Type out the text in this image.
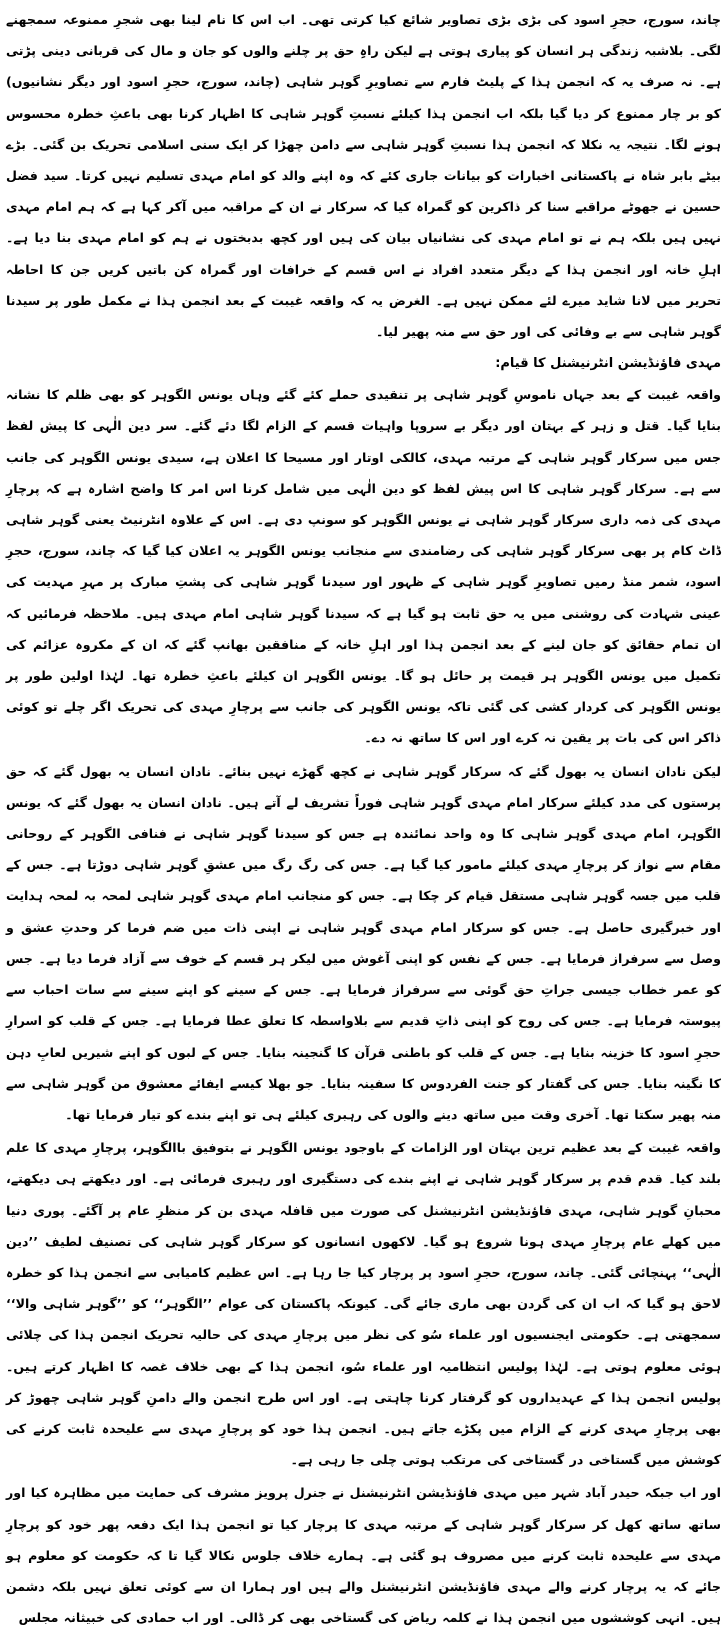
چاند، سورج، حجرِ اسود کی بڑی بڑی تصاویر شائع کیا کرتی تھی۔ اب اس کا نام لینا بھی شجرِ ممنوعہ سمجھنے لگی۔ بلاشبہ زندگی ہر انسان کو پیاری ہوتی ہے لیکن راہِ حق پر چلنے والوں کو جان و مال کی قربانی دینی پڑتی ہے۔ نہ صرف یہ کہ انجمن ہذا کے پلیٹ فارم سے تصاویرِ گوہر شاہی (چاند، سورج، حجرِ اسود اور دیگر نشانیوں) کو بر چار ممنوع کر دیا گیا بلکہ اب انجمن ہذا کیلئے نسبتِ گوہر شاہی کا اظہار کرنا بھی باعثِ خطرہ محسوس ہونے لگا۔ نتیجہ یہ نکلا کہ انجمن ہذا نسبتِ گوہر شاہی سے دامن چھڑا کر ایک سنی اسلامی تحریک بن گئی۔ بڑے بیٹے بابر شاہ نے پاکستانی اخبارات کو بیانات جاری کئے کہ وہ اپنے والد کو امام مہدی تسلیم نہیں کرتا۔ سید فضل حسین نے جھوٹے مراقبے سنا کر ذاکرین کو گمراہ کیا کہ سرکار نے ان کے مراقبہ میں آکر کہا ہے کہ ہم امام مہدی نہیں ہیں بلکہ ہم نے تو امام مہدی کی نشانیاں بیان کی ہیں اور کچھ بدبختوں نے ہم کو امام مہدی بنا دیا ہے۔ اہلِ خانہ اور انجمن ہذا کے دیگر متعدد افراد نے اس قسم کے خرافات اور گمراہ کن باتیں کریں جن کا احاطہ تحریر میں لانا شاید میرے لئے ممکن نہیں ہے۔ الغرض یہ کہ واقعہ غیبت کے بعد انجمن ہذا نے مکمل طور پر سیدنا گوہر شاہی سے بے وفائی کی اور حق سے منہ پھیر لیا۔

مہدی فاؤنڈیشن انٹرنیشنل کا قیام:

واقعہ غیبت کے بعد جہاں ناموسِ گوہر شاہی پر تنقیدی حملے کئے گئے وہاں یونس الگوہر کو بھی ظلم کا نشانہ بنایا گیا۔ قتل و زہر کے بہتان اور دیگر بے سروپا واہیات قسم کے الزام لگا دئے گئے۔ سر دین الٰہی کا پیش لفظ جس میں سرکار گوہر شاہی کے مرتبہ مہدی، کالکی اوتار اور مسیحا کا اعلان ہے، سیدی یونس الگوہر کی جانب سے ہے۔ سرکار گوہر شاہی کا اس پیش لفظ کو دین الٰہی میں شامل کرنا اس امر کا واضح اشارہ ہے کہ پرچارِ مہدی کی ذمہ داری سرکار گوہر شاہی نے یونس الگوہر کو سونپ دی ہے۔ اس کے علاوہ انٹرنیٹ یعنی گوہر شاہی ڈاٹ کام پر بھی سرکار گوہر شاہی کی رضامندی سے منجانب یونس الگوہر یہ اعلان کیا گیا کہ چاند، سورج، حجرِ اسود، شمر منڈ رمیں تصاویرِ گوہر شاہی کے ظہور اور سیدنا گوہر شاہی کی پشتِ مبارک پر مہرِ مہدیت کی عینی شہادت کی روشنی میں یہ حق ثابت ہو گیا ہے کہ سیدنا گوہر شاہی امام مہدی ہیں۔ ملاحظہ فرمائیں کہ ان تمام حقائق کو جان لینے کے بعد انجمن ہذا اور اہلِ خانہ کے منافقین بھانپ گئے کہ ان کے مکروہ عزائم کی تکمیل میں یونس الگوہر ہر قیمت پر حائل ہو گا۔ یونس الگوہر ان کیلئے باعثِ خطرہ تھا۔ لہٰذا اولین طور پر یونس الگوہر کی کردار کشی کی گئی تاکہ یونس الگوہر کی جانب سے پرچارِ مہدی کی تحریک اگر چلے تو کوئی ذاکر اس کی بات پر یقین نہ کرے اور اس کا ساتھ نہ دے۔

لیکن نادان انسان یہ بھول گئے کہ سرکار گوہر شاہی نے کچھ گھڑے نہیں بنائے۔ نادان انسان یہ بھول گئے کہ حق پرستوں کی مدد کیلئے سرکار امام مہدی گوہر شاہی فوراً تشریف لے آتے ہیں۔ نادان انسان یہ بھول گئے کہ یونس الگوہر، امام مہدی گوہر شاہی کا وہ واحد نمائندہ ہے جس کو سیدنا گوہر شاہی نے فنافی الگوہر کے روحانی مقام سے نواز کر پرچارِ مہدی کیلئے مامور کیا گیا ہے۔ جس کی رگ رگ میں عشقِ گوہر شاہی دوڑتا ہے۔ جس کے قلب میں جسہ گوہر شاہی مستقل قیام کر چکا ہے۔ جس کو منجانب امام مہدی گوہر شاہی لمحہ بہ لمحہ ہدایت اور خبرگیری حاصل ہے۔ جس کو سرکار امام مہدی گوہر شاہی نے اپنی ذات میں ضم فرما کر وحدتِ عشق و وصل سے سرفراز فرمایا ہے۔ جس کے نفس کو اپنی آغوش میں لیکر ہر قسم کے خوف سے آزاد فرما دیا ہے۔ جس کو عمر خطاب جیسی جراتِ حق گوئی سے سرفراز فرمایا ہے۔ جس کے سینے کو اپنے سینے سے سات احباب سے پیوستہ فرمایا ہے۔ جس کی روح کو اپنی ذاتِ قدیم سے بلاواسطہ کا تعلق عطا فرمایا ہے۔ جس کے قلب کو اسرارِ حجرِ اسود کا خزینہ بنایا ہے۔ جس کے قلب کو باطنی قرآن کا گنجینہ بنایا۔ جس کے لبوں کو اپنے شیریں لعابِ دہن کا نگینہ بنایا۔ جس کی گفتار کو جنت الفردوس کا سفینہ بنایا۔ جو بھلا کیسے ایفائے معشوق من گوہر شاہی سے منہ پھیر سکتا تھا۔ آخری وقت میں ساتھ دینے والوں کی رہبری کیلئے ہی تو اپنے بندے کو تیار فرمایا تھا۔

واقعہ غیبت کے بعد عظیم ترین بہتان اور الزامات کے باوجود یونس الگوہر نے بتوفیق باالگوہر، پرچارِ مہدی کا علم بلند کیا۔ قدم قدم پر سرکار گوہر شاہی نے اپنے بندے کی دستگیری اور رہبری فرمائی ہے۔ اور دیکھتے ہی دیکھتے، محبانِ گوہر شاہی، مہدی فاؤنڈیشن انٹرنیشنل کی صورت میں قافلہ مہدی بن کر منظرِ عام پر آگئے۔ پوری دنیا میں کھلے عام پرچارِ مہدی ہونا شروع ہو گیا۔ لاکھوں انسانوں کو سرکار گوہر شاہی کی تصنیف لطیف ’’دین الٰہی‘‘ پہنچائی گئی۔ چاند، سورج، حجرِ اسود پر پرچار کیا جا رہا ہے۔ اس عظیم کامیابی سے انجمن ہذا کو خطرہ لاحق ہو گیا کہ اب ان کی گردن بھی ماری جائے گی۔ کیونکہ پاکستان کی عوام ’’الگوہر‘‘ کو ’’گوہر شاہی والا‘‘ سمجھتی ہے۔ حکومتی ایجنسیوں اور علماء سُو کی نظر میں پرچارِ مہدی کی حالیہ تحریک انجمن ہذا کی چلائی ہوئی معلوم ہوتی ہے۔ لہٰذا پولیس انتظامیہ اور علماء سُو، انجمن ہذا کے بھی خلاف غصہ کا اظہار کرتے ہیں۔ پولیس انجمن ہذا کے عہدیداروں کو گرفتار کرنا چاہتی ہے۔ اور اس طرح انجمن والے دامنِ گوہر شاہی چھوڑ کر بھی پرچارِ مہدی کرنے کے الزام میں پکڑے جاتے ہیں۔ انجمن ہذا خود کو پرچارِ مہدی سے علیحدہ ثابت کرنے کی کوشش میں گستاخی در گستاخی کی مرتکب ہوتی چلی جا رہی ہے۔

اور اب جبکہ حیدر آباد شہر میں مہدی فاؤنڈیشن انٹرنیشنل نے جنرل پرویز مشرف کی حمایت میں مظاہرہ کیا اور ساتھ ساتھ کھل کر سرکار گوہر شاہی کے مرتبہ مہدی کا پرچار کیا تو انجمن ہذا ایک دفعہ پھر خود کو پرچارِ مہدی سے علیحدہ ثابت کرنے میں مصروف ہو گئی ہے۔ ہمارے خلاف جلوس نکالا گیا تا کہ حکومت کو معلوم ہو جائے کہ یہ پرچار کرنے والے مہدی فاؤنڈیشن انٹرنیشنل والے ہیں اور ہمارا ان سے کوئی تعلق نہیں بلکہ دشمن ہیں۔ انہی کوششوں میں انجمن ہذا نے کلمہ ریاض کی گستاخی بھی کر ڈالی۔ اور اب حمادی کی خبیثانہ مجلس
